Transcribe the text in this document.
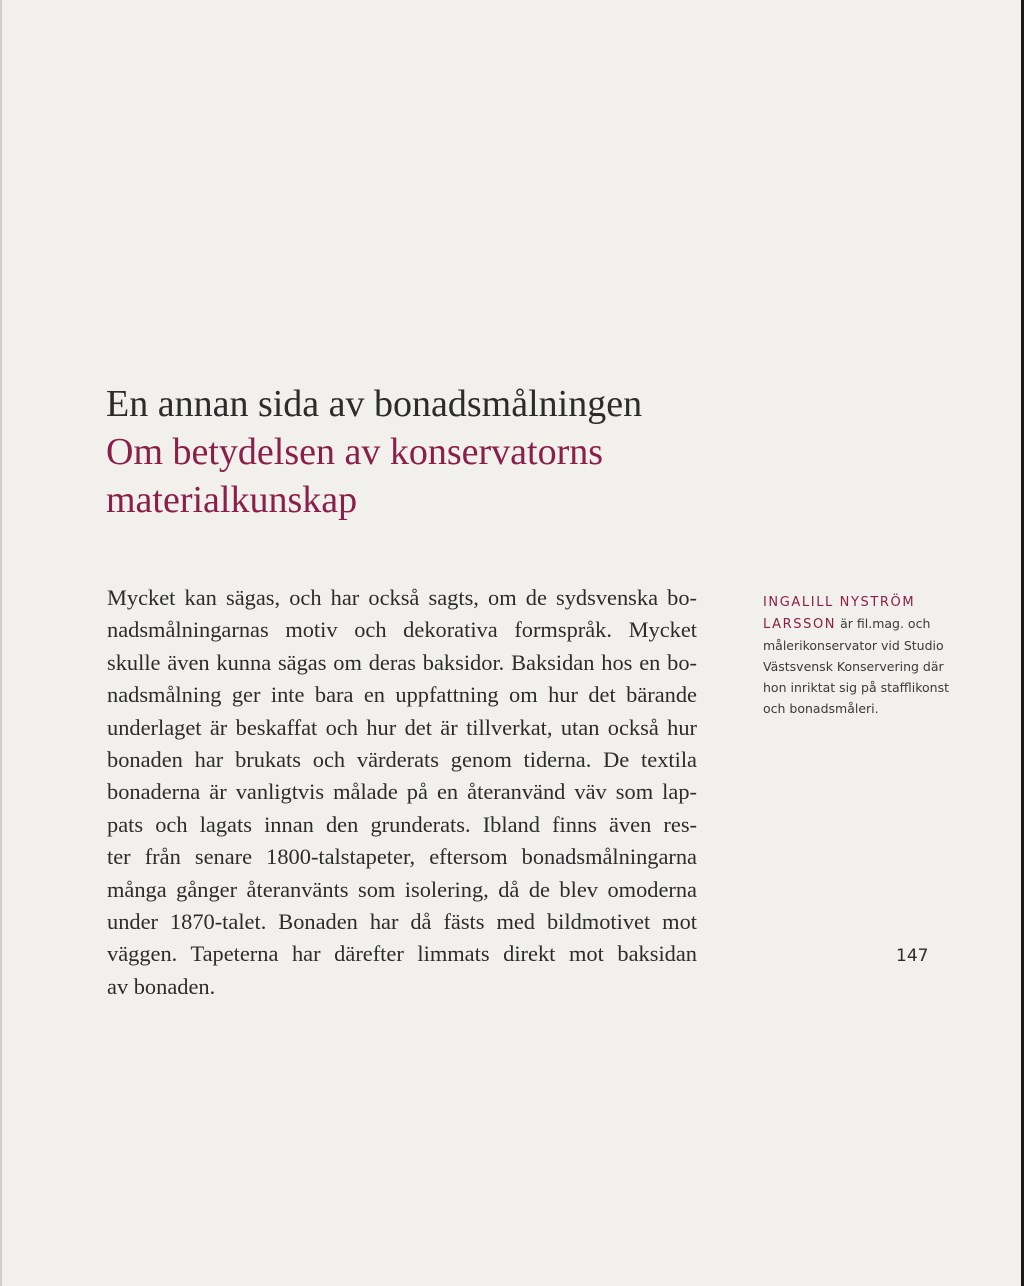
En annan sida av bonadsmålningen
Om betydelsen av konservatorns
materialkunskap
Mycket kan sägas, och har också sagts, om de sydsvenska bo-
nadsmålningarnas motiv och dekorativa formspråk. Mycket
skulle även kunna sägas om deras baksidor. Baksidan hos en bo-
nadsmålning ger inte bara en uppfattning om hur det bärande
underlaget är beskaffat och hur det är tillverkat, utan också hur
bonaden har brukats och värderats genom tiderna. De textila
bonaderna är vanligtvis målade på en återanvänd väv som lap-
pats och lagats innan den grunderats. Ibland finns även res-
ter från senare 1800-talstapeter, eftersom bonadsmålningarna
många gånger återanvänts som isolering, då de blev omoderna
under 1870-talet. Bonaden har då fästs med bildmotivet mot
väggen. Tapeterna har därefter limmats direkt mot baksidan
av bonaden.
INGALILL NYSTRÖM
LARSSON är fil.mag. och
målerikonservator vid Studio
Västsvensk Konservering där
hon inriktat sig på stafflikonst
och bonadsmåleri.
147
